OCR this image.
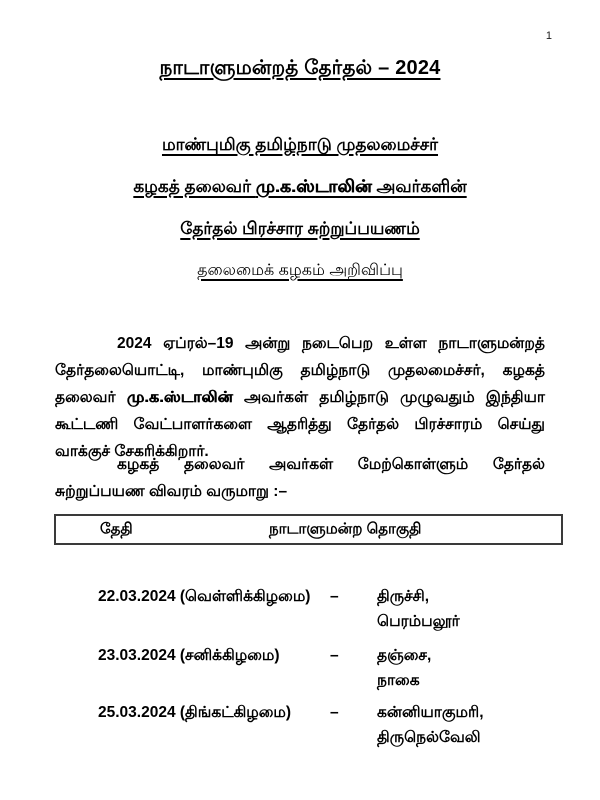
1
நாடாளுமன்றத் தேர்தல் – 2024
மாண்புமிகு தமிழ்நாடு முதலமைச்சர்
கழகத் தலைவர் மு.க.ஸ்டாலின் அவர்களின்
தேர்தல் பிரச்சார சுற்றுப்பயணம்
தலைமைக் கழகம் அறிவிப்பு

2024 ஏப்ரல்–19 அன்று நடைபெற உள்ள நாடாளுமன்றத் தேர்தலையொட்டி, மாண்புமிகு தமிழ்நாடு முதலமைச்சர், கழகத் தலைவர் மு.க.ஸ்டாலின் அவர்கள் தமிழ்நாடு முழுவதும் இந்தியா கூட்டணி வேட்பாளர்களை ஆதரித்து தேர்தல் பிரச்சாரம் செய்து வாக்குச் சேகரிக்கிறார்.

கழகத் தலைவர் அவர்கள் மேற்கொள்ளும் தேர்தல் சுற்றுப்பயண விவரம் வருமாறு :–

தேதி	நாடாளுமன்ற தொகுதி
22.03.2024 (வெள்ளிக்கிழமை)	–	திருச்சி,
பெரம்பலூர்
23.03.2024 (சனிக்கிழமை)	–	தஞ்சை,
நாகை
25.03.2024 (திங்கட்கிழமை)	–	கன்னியாகுமரி,
திருநெல்வேலி
